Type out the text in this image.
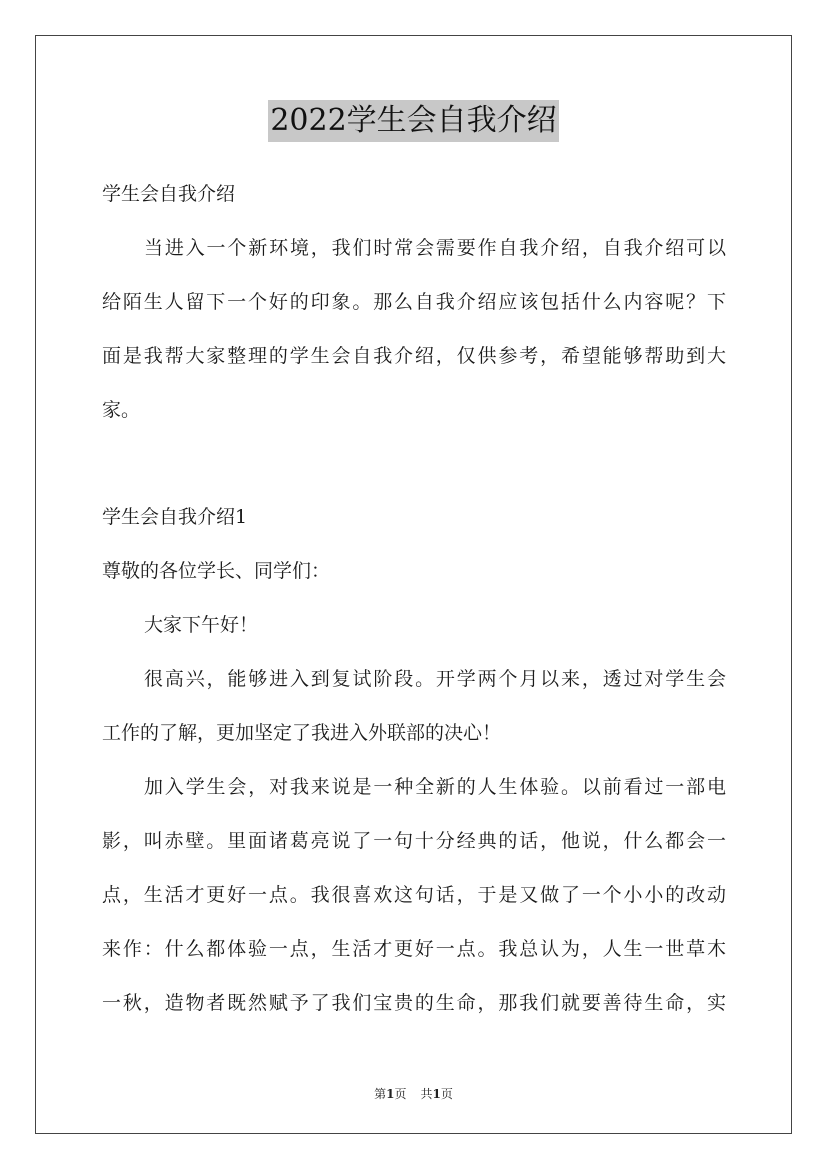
2022学生会自我介绍
学生会自我介绍
当进入一个新环境，我们时常会需要作自我介绍，自我介绍可以
给陌生人留下一个好的印象。那么自我介绍应该包括什么内容呢？下
面是我帮大家整理的学生会自我介绍，仅供参考，希望能够帮助到大
家。
学生会自我介绍1
尊敬的各位学长、同学们：
大家下午好！
很高兴，能够进入到复试阶段。开学两个月以来，透过对学生会
工作的了解，更加坚定了我进入外联部的决心！
加入学生会，对我来说是一种全新的人生体验。以前看过一部电
影，叫赤壁。里面诸葛亮说了一句十分经典的话，他说，什么都会一
点，生活才更好一点。我很喜欢这句话，于是又做了一个小小的改动
来作：什么都体验一点，生活才更好一点。我总认为，人生一世草木
一秋，造物者既然赋予了我们宝贵的生命，那我们就要善待生命，实
第1页 共1页
